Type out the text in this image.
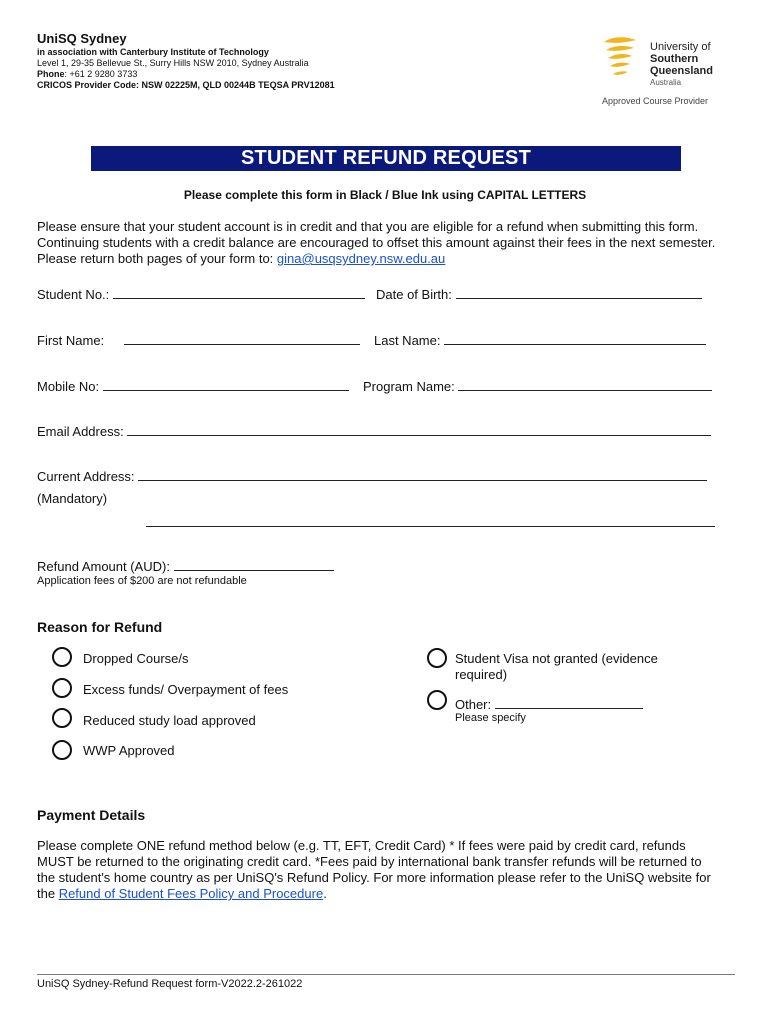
UniSQ Sydney
in association with Canterbury Institute of Technology
Level 1, 29-35 Bellevue St., Surry Hills NSW 2010, Sydney Australia
Phone: +61 2 9280 3733
CRICOS Provider Code: NSW 02225M, QLD 00244B TEQSA PRV12081
University of
Southern
Queensland
Australia
Approved Course Provider
STUDENT REFUND REQUEST
Please complete this form in Black / Blue Ink using CAPITAL LETTERS
Please ensure that your student account is in credit and that you are eligible for a refund when submitting this form. Continuing students with a credit balance are encouraged to offset this amount against their fees in the next semester. Please return both pages of your form to: gina@usqsydney.nsw.edu.au
Student No.:	Date of Birth:
First Name:	Last Name:
Mobile No:	Program Name:
Email Address:
Current Address:
(Mandatory)
Refund Amount (AUD):
Application fees of $200 are not refundable
Reason for Refund
Dropped Course/s
Excess funds/ Overpayment of fees
Reduced study load approved
WWP Approved
Student Visa not granted (evidence
required)
Other:
Please specify
Payment Details
Please complete ONE refund method below (e.g. TT, EFT, Credit Card) * If fees were paid by credit card, refunds MUST be returned to the originating credit card. *Fees paid by international bank transfer refunds will be returned to the student's home country as per UniSQ's Refund Policy. For more information please refer to the UniSQ website for the Refund of Student Fees Policy and Procedure.
UniSQ Sydney-Refund Request form-V2022.2-261022
